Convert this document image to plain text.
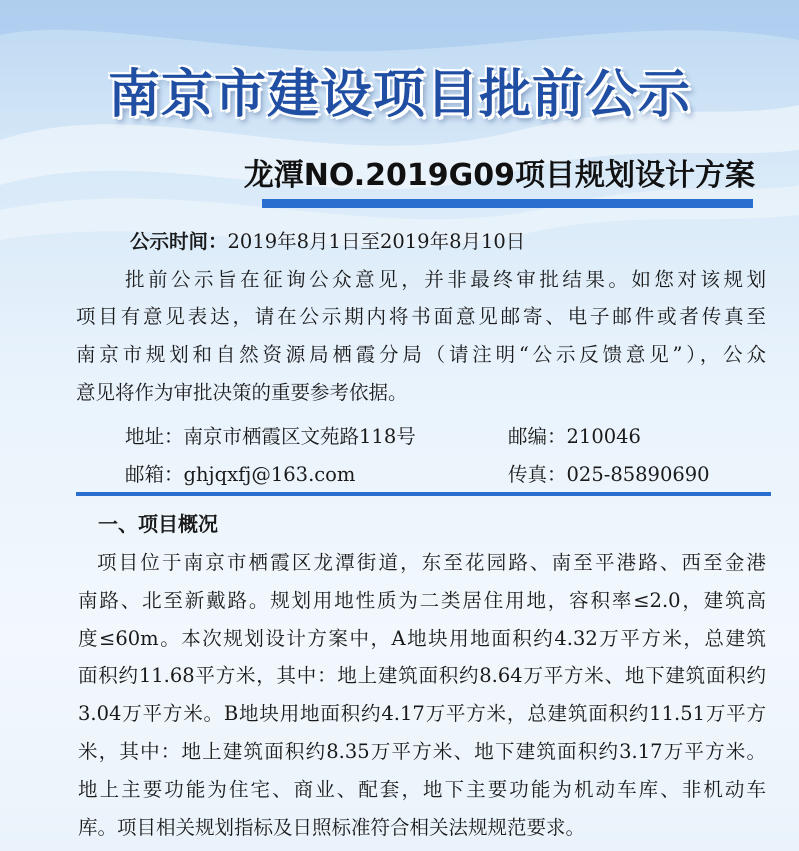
南京市建设项目批前公示
龙潭NO.2019G09项目规划设计方案
公示时间：2019年8月1日至2019年8月10日
批前公示旨在征询公众意见，并非最终审批结果。如您对该规划
项目有意见表达，请在公示期内将书面意见邮寄、电子邮件或者传真至
南京市规划和自然资源局栖霞分局（请注明“公示反馈意见”），公众
意见将作为审批决策的重要参考依据。
地址：南京市栖霞区文苑路118号	邮编：210046
邮箱：ghjqxfj@163.com	传真：025-85890690
一、项目概况
项目位于南京市栖霞区龙潭街道，东至花园路、南至平港路、西至金港
南路、北至新戴路。规划用地性质为二类居住用地，容积率≤2.0，建筑高
度≤60m。本次规划设计方案中，A地块用地面积约4.32万平方米，总建筑
面积约11.68平方米，其中：地上建筑面积约8.64万平方米、地下建筑面积约
3.04万平方米。B地块用地面积约4.17万平方米，总建筑面积约11.51万平方
米，其中：地上建筑面积约8.35万平方米、地下建筑面积约3.17万平方米。
地上主要功能为住宅、商业、配套，地下主要功能为机动车库、非机动车
库。项目相关规划指标及日照标准符合相关法规规范要求。
